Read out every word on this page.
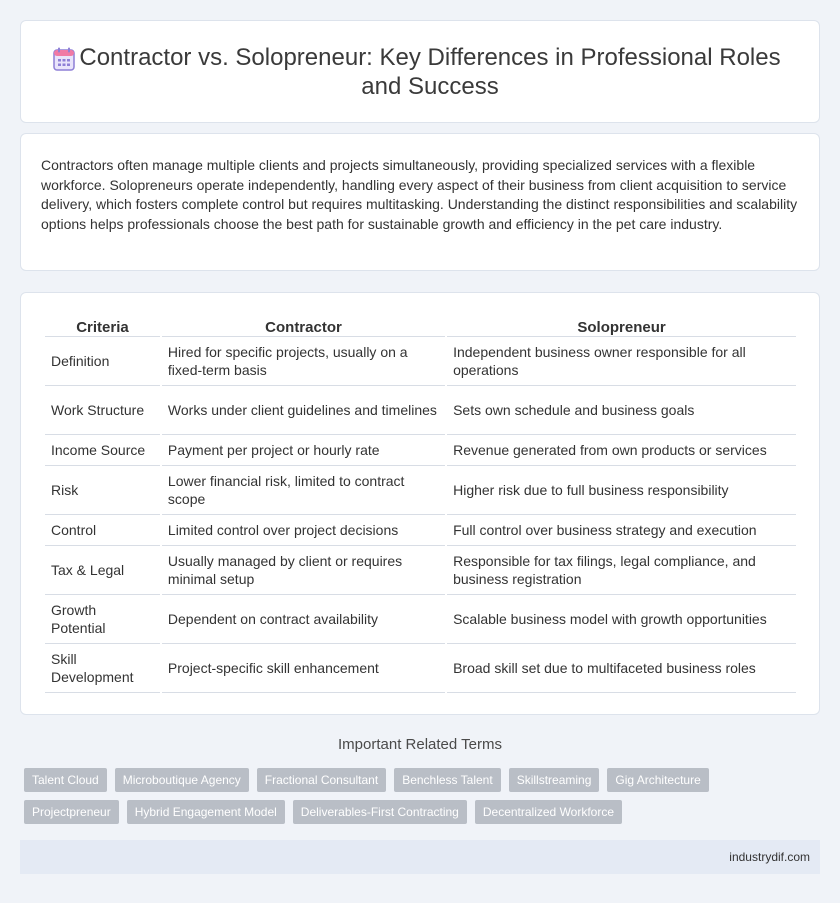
Contractor vs. Solopreneur: Key Differences in Professional Roles and Success

Contractors often manage multiple clients and projects simultaneously, providing specialized services with a flexible workforce. Solopreneurs operate independently, handling every aspect of their business from client acquisition to service delivery, which fosters complete control but requires multitasking. Understanding the distinct responsibilities and scalability options helps professionals choose the best path for sustainable growth and efficiency in the pet care industry.

Criteria	Contractor	Solopreneur
Definition	Hired for specific projects, usually on a fixed-term basis	Independent business owner responsible for all operations
Work Structure	Works under client guidelines and timelines	Sets own schedule and business goals
Income Source	Payment per project or hourly rate	Revenue generated from own products or services
Risk	Lower financial risk, limited to contract scope	Higher risk due to full business responsibility
Control	Limited control over project decisions	Full control over business strategy and execution
Tax & Legal	Usually managed by client or requires minimal setup	Responsible for tax filings, legal compliance, and business registration
Growth Potential	Dependent on contract availability	Scalable business model with growth opportunities
Skill Development	Project-specific skill enhancement	Broad skill set due to multifaceted business roles
Important Related Terms
Talent Cloud	Microboutique Agency	Fractional Consultant	Benchless Talent	Skillstreaming	Gig Architecture
Projectpreneur	Hybrid Engagement Model	Deliverables-First Contracting	Decentralized Workforce
industrydif.com
